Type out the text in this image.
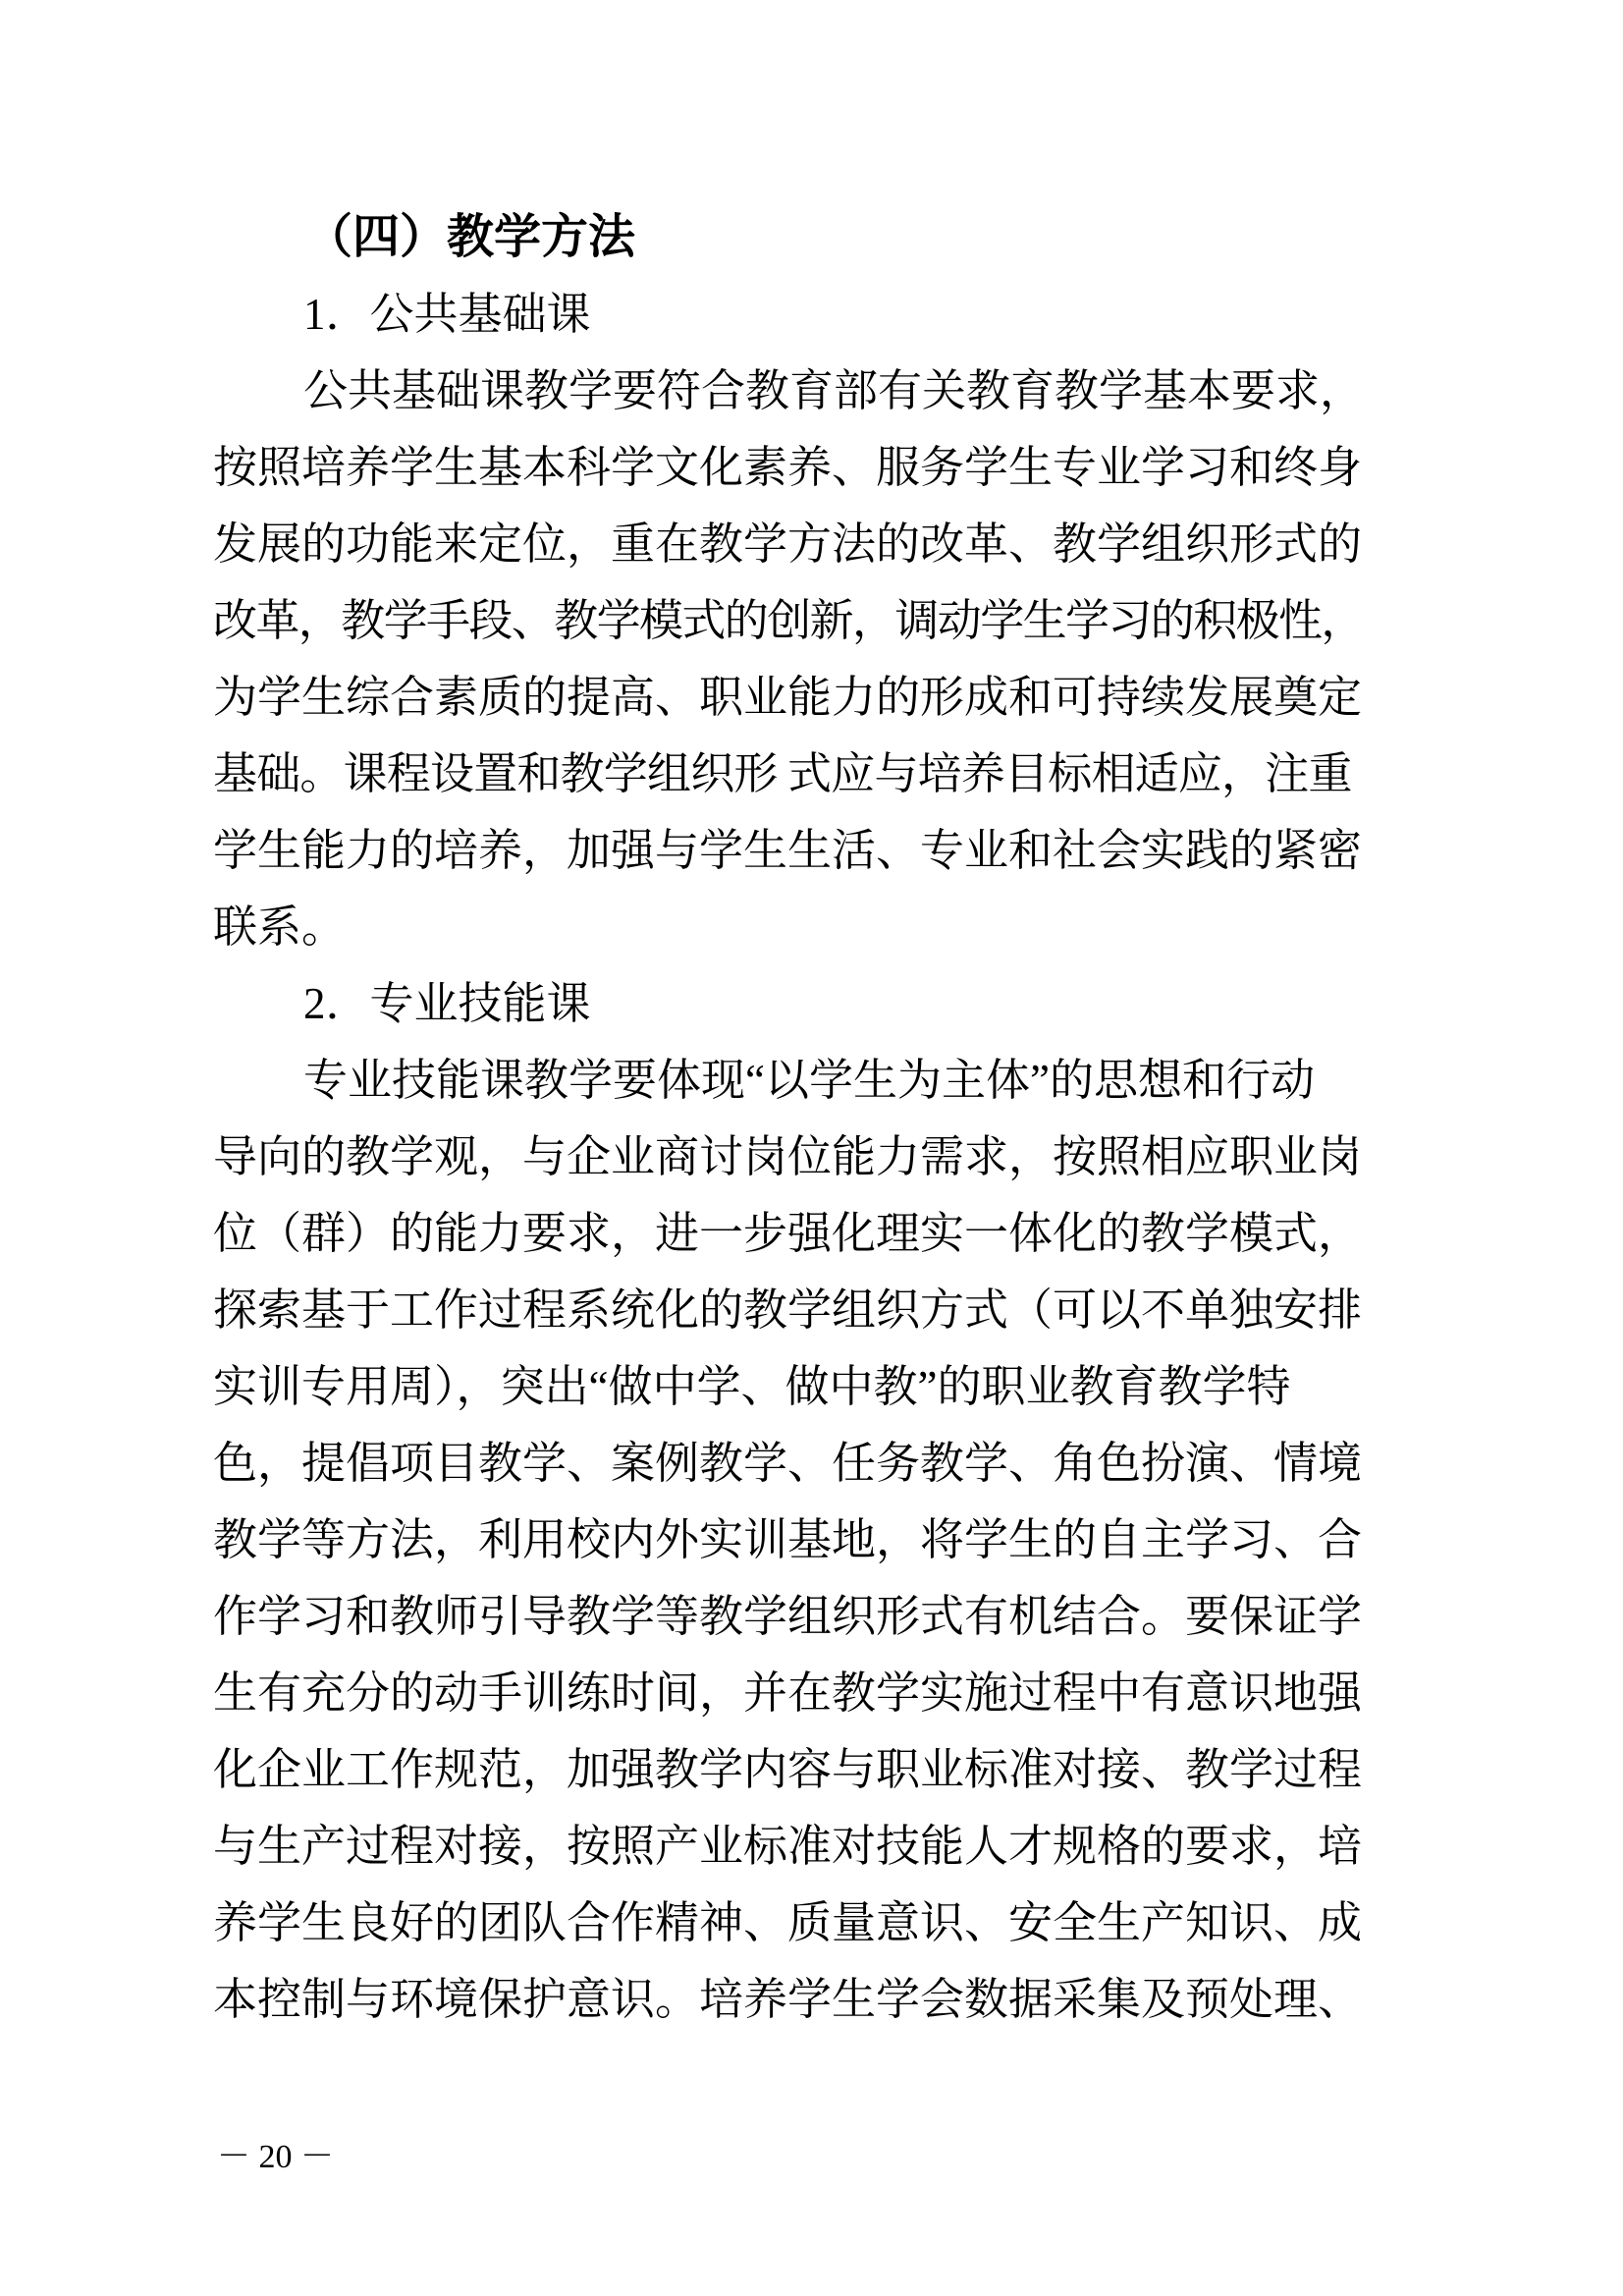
（四）教学方法
1．公共基础课
公共基础课教学要符合教育部有关教育教学基本要求，
按照培养学生基本科学文化素养、服务学生专业学习和终身
发展的功能来定位，重在教学方法的改革、教学组织形式的
改革，教学手段、教学模式的创新，调动学生学习的积极性，
为学生综合素质的提高、职业能力的形成和可持续发展奠定
基础。课程设置和教学组织形 式应与培养目标相适应，注重
学生能力的培养，加强与学生生活、专业和社会实践的紧密
联系。
2．专业技能课
专业技能课教学要体现“以学生为主体”的思想和行动
导向的教学观，与企业商讨岗位能力需求，按照相应职业岗
位（群）的能力要求，进一步强化理实一体化的教学模式，
探索基于工作过程系统化的教学组织方式（可以不单独安排
实训专用周），突出“做中学、做中教”的职业教育教学特
色，提倡项目教学、案例教学、任务教学、角色扮演、情境
教学等方法，利用校内外实训基地，将学生的自主学习、合
作学习和教师引导教学等教学组织形式有机结合。要保证学
生有充分的动手训练时间，并在教学实施过程中有意识地强
化企业工作规范，加强教学内容与职业标准对接、教学过程
与生产过程对接，按照产业标准对技能人才规格的要求，培
养学生良好的团队合作精神、质量意识、安全生产知识、成
本控制与环境保护意识。培养学生学会数据采集及预处理、
－ 20 －
